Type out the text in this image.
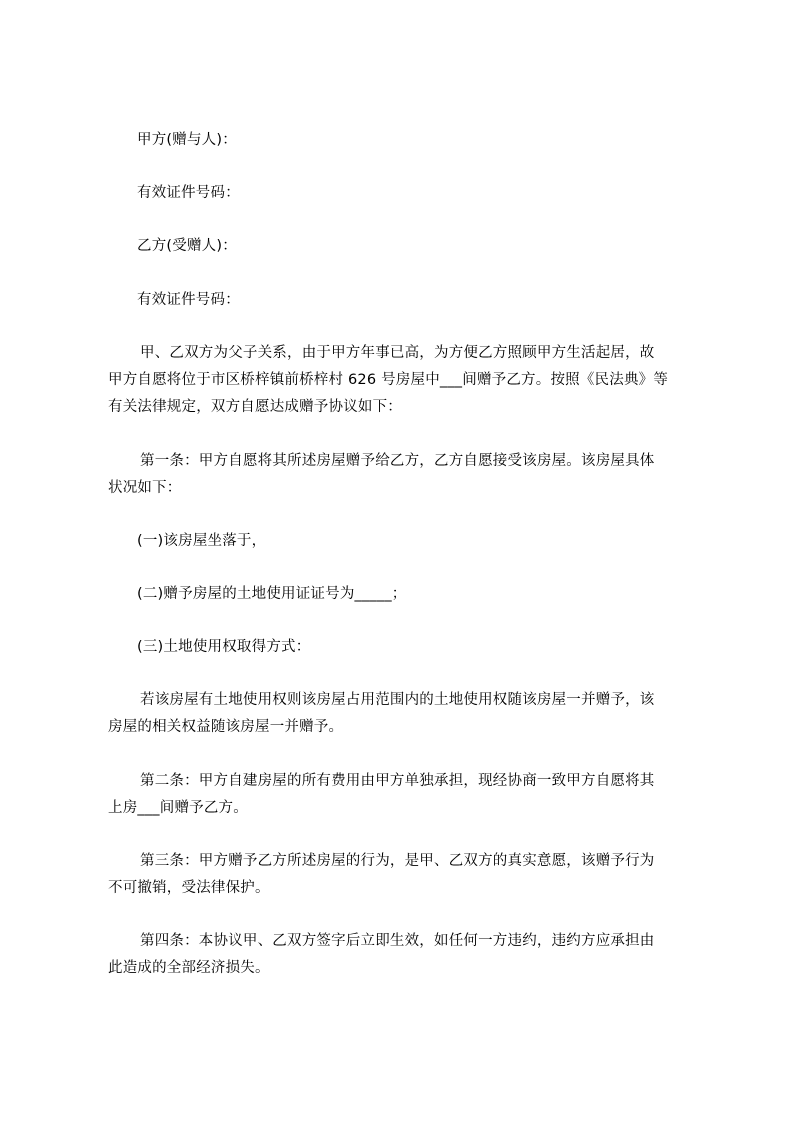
甲方(赠与人)：
有效证件号码：
乙方(受赠人)：
有效证件号码：
甲、乙双方为父子关系，由于甲方年事已高，为方便乙方照顾甲方生活起居，故
甲方自愿将位于市区桥梓镇前桥梓村 626 号房屋中___间赠予乙方。按照《民法典》等
有关法律规定，双方自愿达成赠予协议如下：
第一条：甲方自愿将其所述房屋赠予给乙方，乙方自愿接受该房屋。该房屋具体
状况如下：
(一)该房屋坐落于，
(二)赠予房屋的土地使用证证号为_____；
(三)土地使用权取得方式：
若该房屋有土地使用权则该房屋占用范围内的土地使用权随该房屋一并赠予，该
房屋的相关权益随该房屋一并赠予。
第二条：甲方自建房屋的所有费用由甲方单独承担，现经协商一致甲方自愿将其
上房___间赠予乙方。
第三条：甲方赠予乙方所述房屋的行为，是甲、乙双方的真实意愿，该赠予行为
不可撤销，受法律保护。
第四条：本协议甲、乙双方签字后立即生效，如任何一方违约，违约方应承担由
此造成的全部经济损失。
